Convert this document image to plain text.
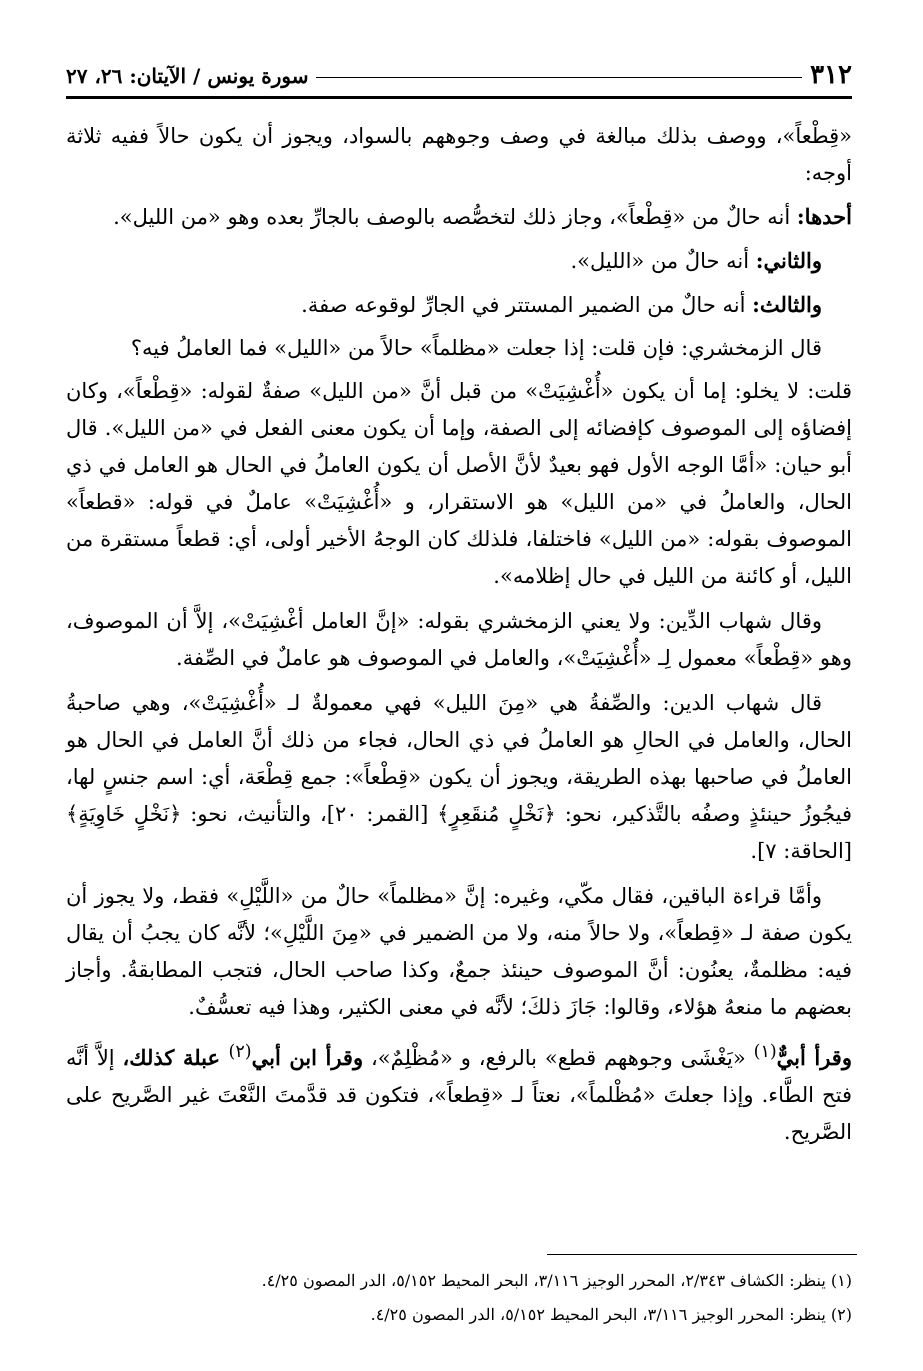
٣١٢
سورة يونس / الآيتان: ٢٦، ٢٧

«قِطْعاً»، ووصف بذلك مبالغة في وصف وجوههم بالسواد، ويجوز أن يكون حالاً ففيه ثلاثة أوجه:

أحدها: أنه حالٌ من «قِطْعاً»، وجاز ذلك لتخصُّصه بالوصف بالجارِّ بعده وهو «من الليل».

والثاني: أنه حالٌ من «الليل».

والثالث: أنه حالٌ من الضمير المستتر في الجارِّ لوقوعه صفة.

قال الزمخشري: فإن قلت: إذا جعلت «مظلماً» حالاً من «الليل» فما العاملُ فيه؟

قلت: لا يخلو: إما أن يكون «أُغْشِيَتْ» من قبل أنَّ «من الليل» صفةٌ لقوله: «قِطْعاً»، وكان إفضاؤه إلى الموصوف كإفضائه إلى الصفة، وإما أن يكون معنى الفعل في «من الليل». قال أبو حيان: «أمَّا الوجه الأول فهو بعيدٌ لأنَّ الأصل أن يكون العاملُ في الحال هو العامل في ذي الحال، والعاملُ في «من الليل» هو الاستقرار، و «أُغْشِيَتْ» عاملٌ في قوله: «قطعاً» الموصوف بقوله: «من الليل» فاختلفا، فلذلك كان الوجهُ الأخير أولى، أي: قطعاً مستقرة من الليل، أو كائنة من الليل في حال إظلامه».

وقال شهاب الدِّين: ولا يعني الزمخشري بقوله: «إنَّ العامل أغْشِيَتْ»، إلاَّ أن الموصوف، وهو «قِطْعاً» معمول لِـ «أُغْشِيَتْ»، والعامل في الموصوف هو عاملٌ في الصِّفة.

قال شهاب الدين: والصِّفةُ هي «مِنَ الليل» فهي معمولةٌ لـ «أُغْشِيَتْ»، وهي صاحبةُ الحال، والعامل في الحالِ هو العاملُ في ذي الحال، فجاء من ذلك أنَّ العامل في الحال هو العاملُ في صاحبها بهذه الطريقة، ويجوز أن يكون «قِطْعاً»: جمع قِطْعَة، أي: اسم جنسٍ لها، فيجُوزُ حينئذٍ وصفُه بالتَّذكير، نحو: ﴿نَخْلٍ مُنقَعِرٍ﴾ [القمر: ٢٠]، والتأنيث، نحو: ﴿نَخْلٍ خَاوِيَةٍ﴾ [الحاقة: ٧].

وأمَّا قراءة الباقين، فقال مكّي، وغيره: إنَّ «مظلماً» حالٌ من «اللَّيْلِ» فقط، ولا يجوز أن يكون صفة لـ «قِطعاً»، ولا حالاً منه، ولا من الضمير في «مِنَ اللَّيْلِ»؛ لأنَّه كان يجبُ أن يقال فيه: مظلمةٌ، يعنُون: أنَّ الموصوف حينئذ جمعٌ، وكذا صاحب الحال، فتجب المطابقةُ. وأجاز بعضهم ما منعهُ هؤلاء، وقالوا: جَازَ ذلكَ؛ لأنَّه في معنى الكثير، وهذا فيه تعسُّفٌ.

وقرأ أبيٌّ$^{(١)}$ «يَغْشَى وجوههم قطع» بالرفع، و «مُظْلِمٌ»، وقرأ ابن أبي$^{(٢)}$ عبلة كذلك، إلاَّ أنَّه فتح الطَّاء. وإذا جعلتَ «مُظْلماً»، نعتاً لـ «قِطعاً»، فتكون قد قدَّمتَ النَّعْتَ غير الصَّريح على الصَّريح.

(١) ينظر: الكشاف ٢/٣٤٣، المحرر الوجيز ٣/١١٦، البحر المحيط ٥/١٥٢، الدر المصون ٤/٢٥.
(٢) ينظر: المحرر الوجيز ٣/١١٦، البحر المحيط ٥/١٥٢، الدر المصون ٤/٢٥.
